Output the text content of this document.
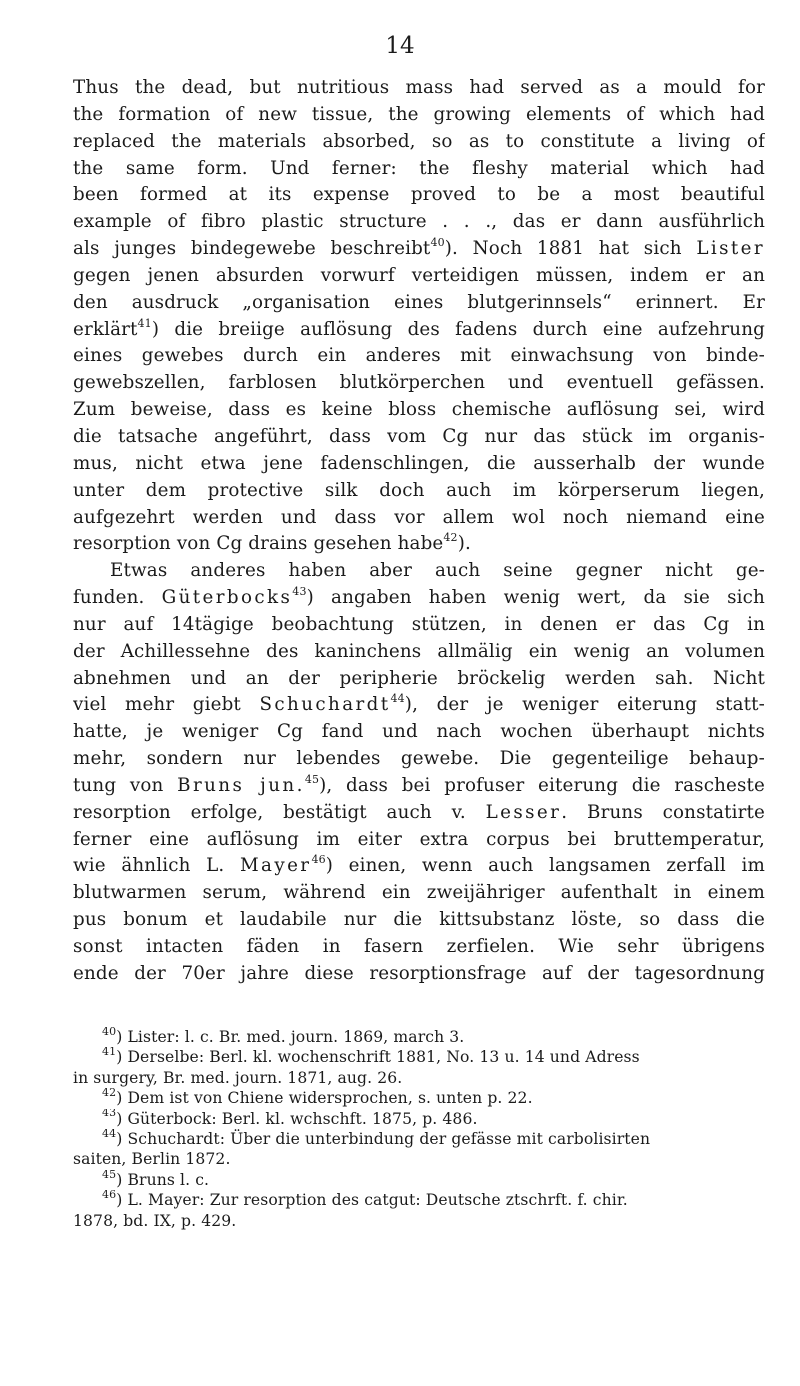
14
Thus the dead, but nutritious mass had served as a mould for
the formation of new tissue, the growing elements of which had
replaced the materials absorbed, so as to constitute a living of
the same form. Und ferner: the fleshy material which had
been formed at its expense proved to be a most beautiful
example of fibro plastic structure . . ., das er dann ausführlich
als junges bindegewebe beschreibt$^{40}$). Noch 1881 hat sich Lister
gegen jenen absurden vorwurf verteidigen müssen, indem er an
den ausdruck „organisation eines blutgerinnsels“ erinnert. Er
erklärt$^{41}$) die breiige auflösung des fadens durch eine aufzehrung
eines gewebes durch ein anderes mit einwachsung von binde-
gewebszellen, farblosen blutkörperchen und eventuell gefässen.
Zum beweise, dass es keine bloss chemische auflösung sei, wird
die tatsache angeführt, dass vom Cg nur das stück im organis-
mus, nicht etwa jene fadenschlingen, die ausserhalb der wunde
unter dem protective silk doch auch im körperserum liegen,
aufgezehrt werden und dass vor allem wol noch niemand eine
resorption von Cg drains gesehen habe$^{42}$).
Etwas anderes haben aber auch seine gegner nicht ge-
funden. Güterbocks$^{43}$) angaben haben wenig wert, da sie sich
nur auf 14tägige beobachtung stützen, in denen er das Cg in
der Achillessehne des kaninchens allmälig ein wenig an volumen
abnehmen und an der peripherie bröckelig werden sah. Nicht
viel mehr giebt Schuchardt$^{44}$), der je weniger eiterung statt-
hatte, je weniger Cg fand und nach wochen überhaupt nichts
mehr, sondern nur lebendes gewebe. Die gegenteilige behaup-
tung von Bruns jun.$^{45}$), dass bei profuser eiterung die rascheste
resorption erfolge, bestätigt auch v. Lesser. Bruns constatirte
ferner eine auflösung im eiter extra corpus bei bruttemperatur,
wie ähnlich L. Mayer$^{46}$) einen, wenn auch langsamen zerfall im
blutwarmen serum, während ein zweijähriger aufenthalt in einem
pus bonum et laudabile nur die kittsubstanz löste, so dass die
sonst intacten fäden in fasern zerfielen. Wie sehr übrigens
ende der 70er jahre diese resorptionsfrage auf der tagesordnung
$^{40}$) Lister: l. c. Br. med. journ. 1869, march 3.
$^{41}$) Derselbe: Berl. kl. wochenschrift 1881, No. 13 u. 14 und Adress
in surgery, Br. med. journ. 1871, aug. 26.
$^{42}$) Dem ist von Chiene widersprochen, s. unten p. 22.
$^{43}$) Güterbock: Berl. kl. wchschft. 1875, p. 486.
$^{44}$) Schuchardt: Über die unterbindung der gefässe mit carbolisirten
saiten, Berlin 1872.
$^{45}$) Bruns l. c.
$^{46}$) L. Mayer: Zur resorption des catgut: Deutsche ztschrft. f. chir.
1878, bd. IX, p. 429.
